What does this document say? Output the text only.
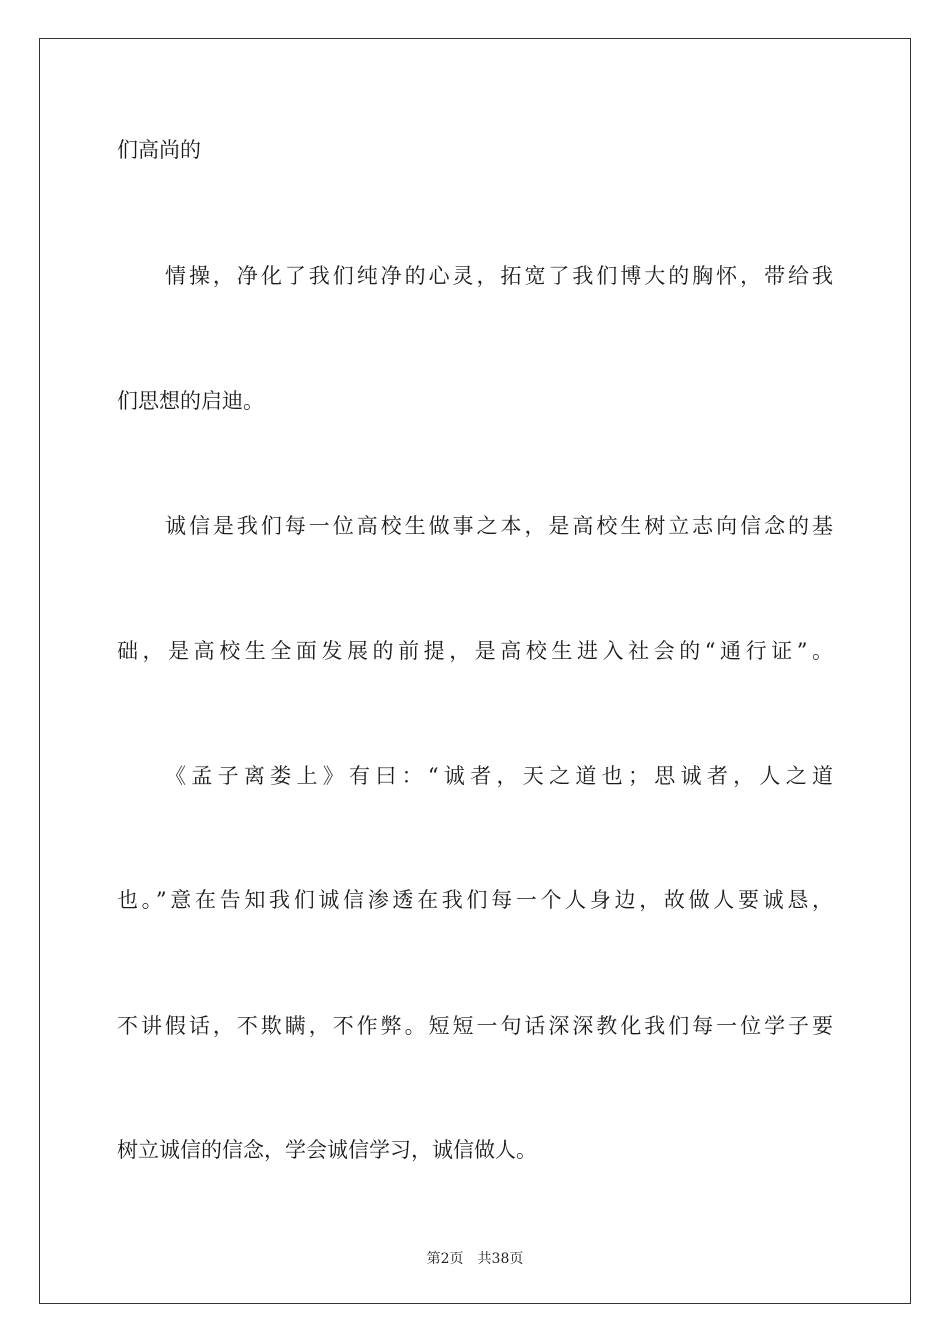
们高尚的
情操，净化了我们纯净的心灵，拓宽了我们博大的胸怀，带给我
们思想的启迪。
诚信是我们每一位高校生做事之本，是高校生树立志向信念的基
础，是高校生全面发展的前提，是高校生进入社会的“通行证”。
《孟子离娄上》有曰：“诚者，天之道也；思诚者，人之道
也。”意在告知我们诚信渗透在我们每一个人身边，故做人要诚恳，
不讲假话，不欺瞒，不作弊。短短一句话深深教化我们每一位学子要
树立诚信的信念，学会诚信学习，诚信做人。
第2页 共38页
